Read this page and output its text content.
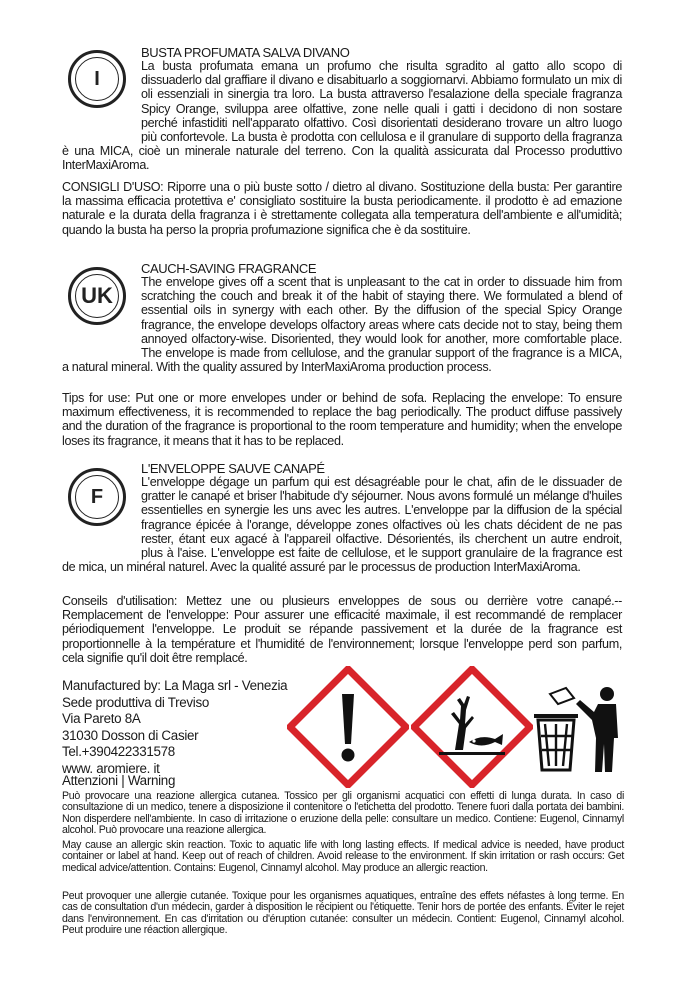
I
BUSTA PROFUMATA SALVA DIVANO
La busta profumata emana un profumo che risulta sgradito al gatto allo scopo di dissuaderlo dal graffiare il divano e disabituarlo a soggiornarvi. Abbiamo formulato un mix di oli essenziali in sinergia tra loro. La busta attraverso l'esalazione della speciale fragranza Spicy Orange, sviluppa aree olfattive, zone nelle quali i gatti i decidono di non sostare perché infastiditi nell'apparato olfattivo. Così disorientati desiderano trovare un altro luogo più confortevole. La busta è prodotta con cellulosa e il granulare di supporto della fragranza è una MICA, cioè un minerale naturale del terreno. Con la qualità assicurata dal Processo produttivo InterMaxiAroma.
CONSIGLI D'USO: Riporre una o più buste sotto / dietro al divano. Sostituzione della busta: Per garantire la massima efficacia protettiva e' consigliato sostituire la busta periodicamente. il prodotto è ad emazione naturale e la durata della fragranza i è strettamente collegata alla temperatura dell'ambiente e all'umidità; quando la busta ha perso la propria profumazione significa che è da sostituire.
UK
CAUCH-SAVING FRAGRANCE
The envelope gives off a scent that is unpleasant to the cat in order to dissuade him from scratching the couch and break it of the habit of staying there. We formulated a blend of essential oils in synergy with each other. By the diffusion of the special Spicy Orange fragrance, the envelope develops olfactory areas where cats decide not to stay, being them annoyed olfactory-wise. Disoriented, they would look for another, more comfortable place. The envelope is made from cellulose, and the granular support of the fragrance is a MICA, a natural mineral. With the quality assured by InterMaxiAroma production process.
Tips for use: Put one or more envelopes under or behind de sofa. Replacing the envelope: To ensure maximum effectiveness, it is recommended to replace the bag periodically. The product diffuse passively and the duration of the fragrance is proportional to the room temperature and humidity; when the envelope loses its fragrance, it means that it has to be replaced.
F
L'ENVELOPPE SAUVE CANAPÉ
L'enveloppe dégage un parfum qui est désagréable pour le chat, afin de le dissuader de gratter le canapé et briser l'habitude d'y séjourner. Nous avons formulé un mélange d'huiles essentielles en synergie les uns avec les autres. L'enveloppe par la diffusion de la spécial fragrance épicée à l'orange, développe zones olfactives où les chats décident de ne pas rester, étant eux agacé à l'appareil olfactive. Désorientés, ils cherchent un autre endroit, plus à l'aise. L'enveloppe est faite de cellulose, et le support granulaire de la fragrance est de mica, un minéral naturel. Avec la qualité assuré par le processus de production InterMaxiAroma.
Conseils d'utilisation: Mettez une ou plusieurs enveloppes de sous ou derrière votre canapé.-- Remplacement de l'enveloppe: Pour assurer une efficacité maximale, il est recommandé de remplacer périodiquement l'enveloppe. Le produit se répande passivement et la durée de la fragrance est proportionnelle à la température et l'humidité de l'environnement; lorsque l'enveloppe perd son parfum, cela signifie qu'il doit être remplacé.
Manufactured by: La Maga srl - Venezia
Sede produttiva di Treviso
Via Pareto 8A
31030 Dosson di Casier
Tel.+390422331578
www. aromiere. it
Attenzioni | Warning
Può provocare una reazione allergica cutanea. Tossico per gli organismi acquatici con effetti di lunga durata. In caso di consultazione di un medico, tenere a disposizione il contenitore o l'etichetta del prodotto. Tenere fuori dalla portata dei bambini. Non disperdere nell'ambiente. In caso di irritazione o eruzione della pelle: consultare un medico. Contiene: Eugenol, Cinnamyl alcohol. Può provocare una reazione allergica.
May cause an allergic skin reaction. Toxic to aquatic life with long lasting effects. If medical advice is needed, have product container or label at hand. Keep out of reach of children. Avoid release to the environment. If skin irritation or rash occurs: Get medical advice/attention. Contains: Eugenol, Cinnamyl alcohol. May produce an allergic reaction.
Peut provoquer une allergie cutanée. Toxique pour les organismes aquatiques, entraîne des effets néfastes à long terme. En cas de consultation d'un médecin, garder à disposition le récipient ou l'étiquette. Tenir hors de portée des enfants. Éviter le rejet dans l'environnement. En cas d'irritation ou d'éruption cutanée: consulter un médecin. Contient: Eugenol, Cinnamyl alcohol. Peut produire une réaction allergique.
